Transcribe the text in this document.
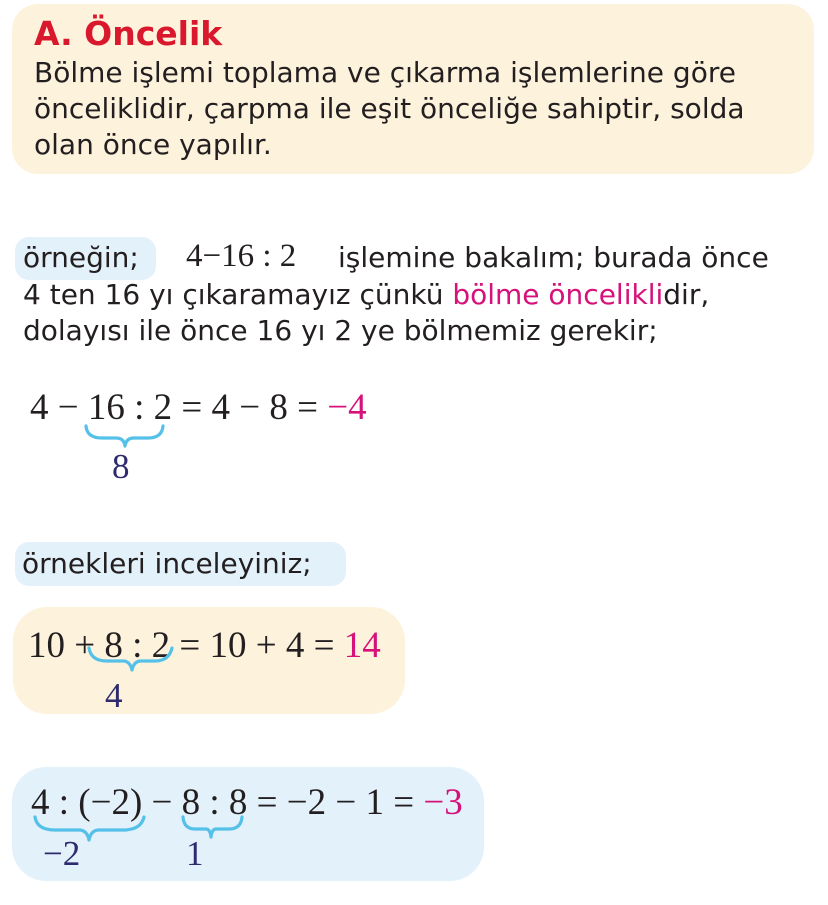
A. Öncelik
Bölme işlemi toplama ve çıkarma işlemlerine göre
önceliklidir, çarpma ile eşit önceliğe sahiptir, solda
olan önce yapılır.
örneğin; 4−16 : 2 işlemine bakalım; burada önce
4 ten 16 yı çıkaramayız çünkü bölme önceliklidir,
dolayısı ile önce 16 yı 2 ye bölmemiz gerekir;
4 − 16 : 2 = 4 − 8 = −4
8
örnekleri inceleyiniz;
10 + 8 : 2 = 10 + 4 = 14
4
4 : (−2) − 8 : 8 = −2 − 1 = −3
−2	1
